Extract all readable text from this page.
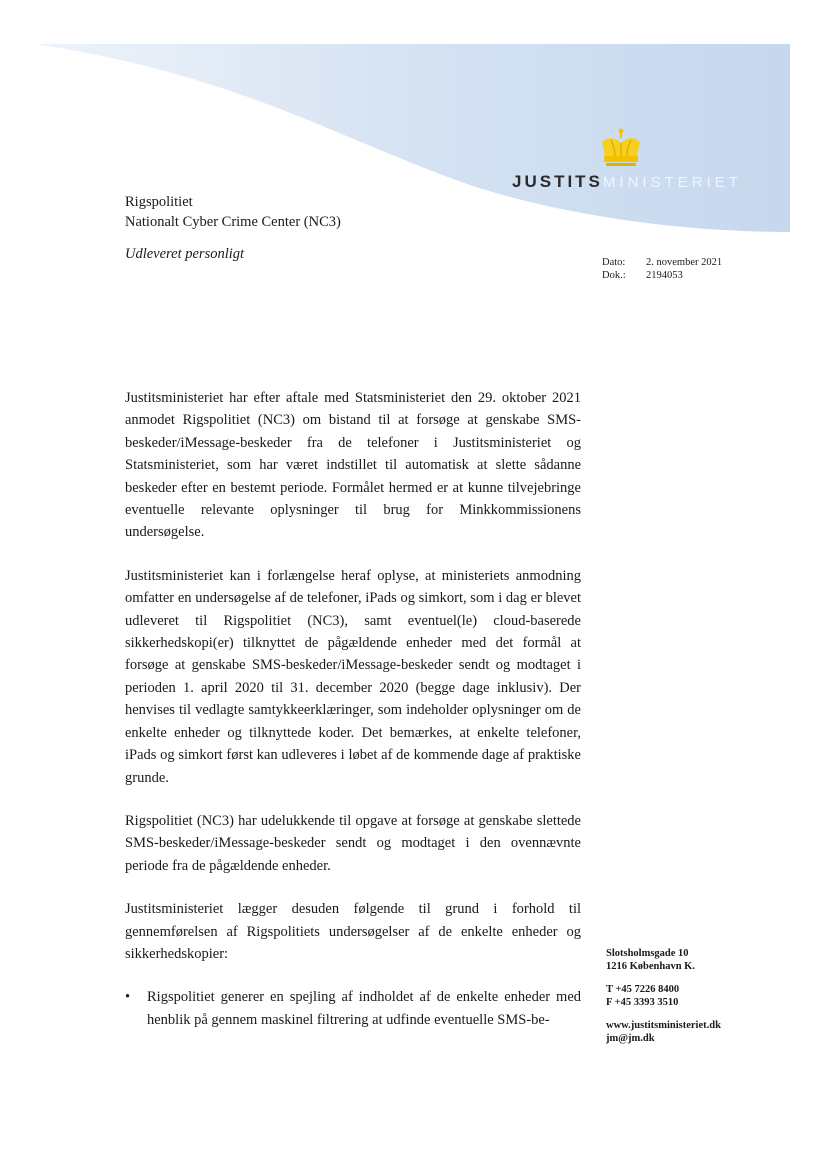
JUSTITSMINISTERIET
Rigspolitiet
Nationalt Cyber Crime Center (NC3)
Udleveret personligt
Dato:	2. november 2021
Dok.:	2194053

Justitsministeriet har efter aftale med Statsministeriet den 29. oktober 2021 anmodet Rigspolitiet (NC3) om bistand til at forsøge at genskabe SMS-beskeder/iMessage-beskeder fra de telefoner i Justitsministeriet og Statsministeriet, som har været indstillet til automatisk at slette sådanne beskeder efter en bestemt periode. Formålet hermed er at kunne tilvejebringe eventuelle relevante oplysninger til brug for Minkkommissionens undersøgelse.

Justitsministeriet kan i forlængelse heraf oplyse, at ministeriets anmodning omfatter en undersøgelse af de telefoner, iPads og simkort, som i dag er blevet udleveret til Rigspolitiet (NC3), samt eventuel(le) cloud-baserede sikkerhedskopi(er) tilknyttet de pågældende enheder med det formål at forsøge at genskabe SMS-beskeder/iMessage-beskeder sendt og modtaget i perioden 1. april 2020 til 31. december 2020 (begge dage inklusiv). Der henvises til vedlagte samtykkeerklæringer, som indeholder oplysninger om de enkelte enheder og tilknyttede koder. Det bemærkes, at enkelte telefoner, iPads og simkort først kan udleveres i løbet af de kommende dage af praktiske grunde.

Rigspolitiet (NC3) har udelukkende til opgave at forsøge at genskabe slettede SMS-beskeder/iMessage-beskeder sendt og modtaget i den ovennævnte periode fra de pågældende enheder.

Justitsministeriet lægger desuden følgende til grund i forhold til gennemførelsen af Rigspolitiets undersøgelser af de enkelte enheder og sikkerhedskopier:

• Rigspolitiet generer en spejling af indholdet af de enkelte enheder med henblik på gennem maskinel filtrering at udfinde eventuelle SMS-be-
Slotsholmsgade 10
1216 København K.
T +45 7226 8400
F +45 3393 3510
www.justitsministeriet.dk
jm@jm.dk
